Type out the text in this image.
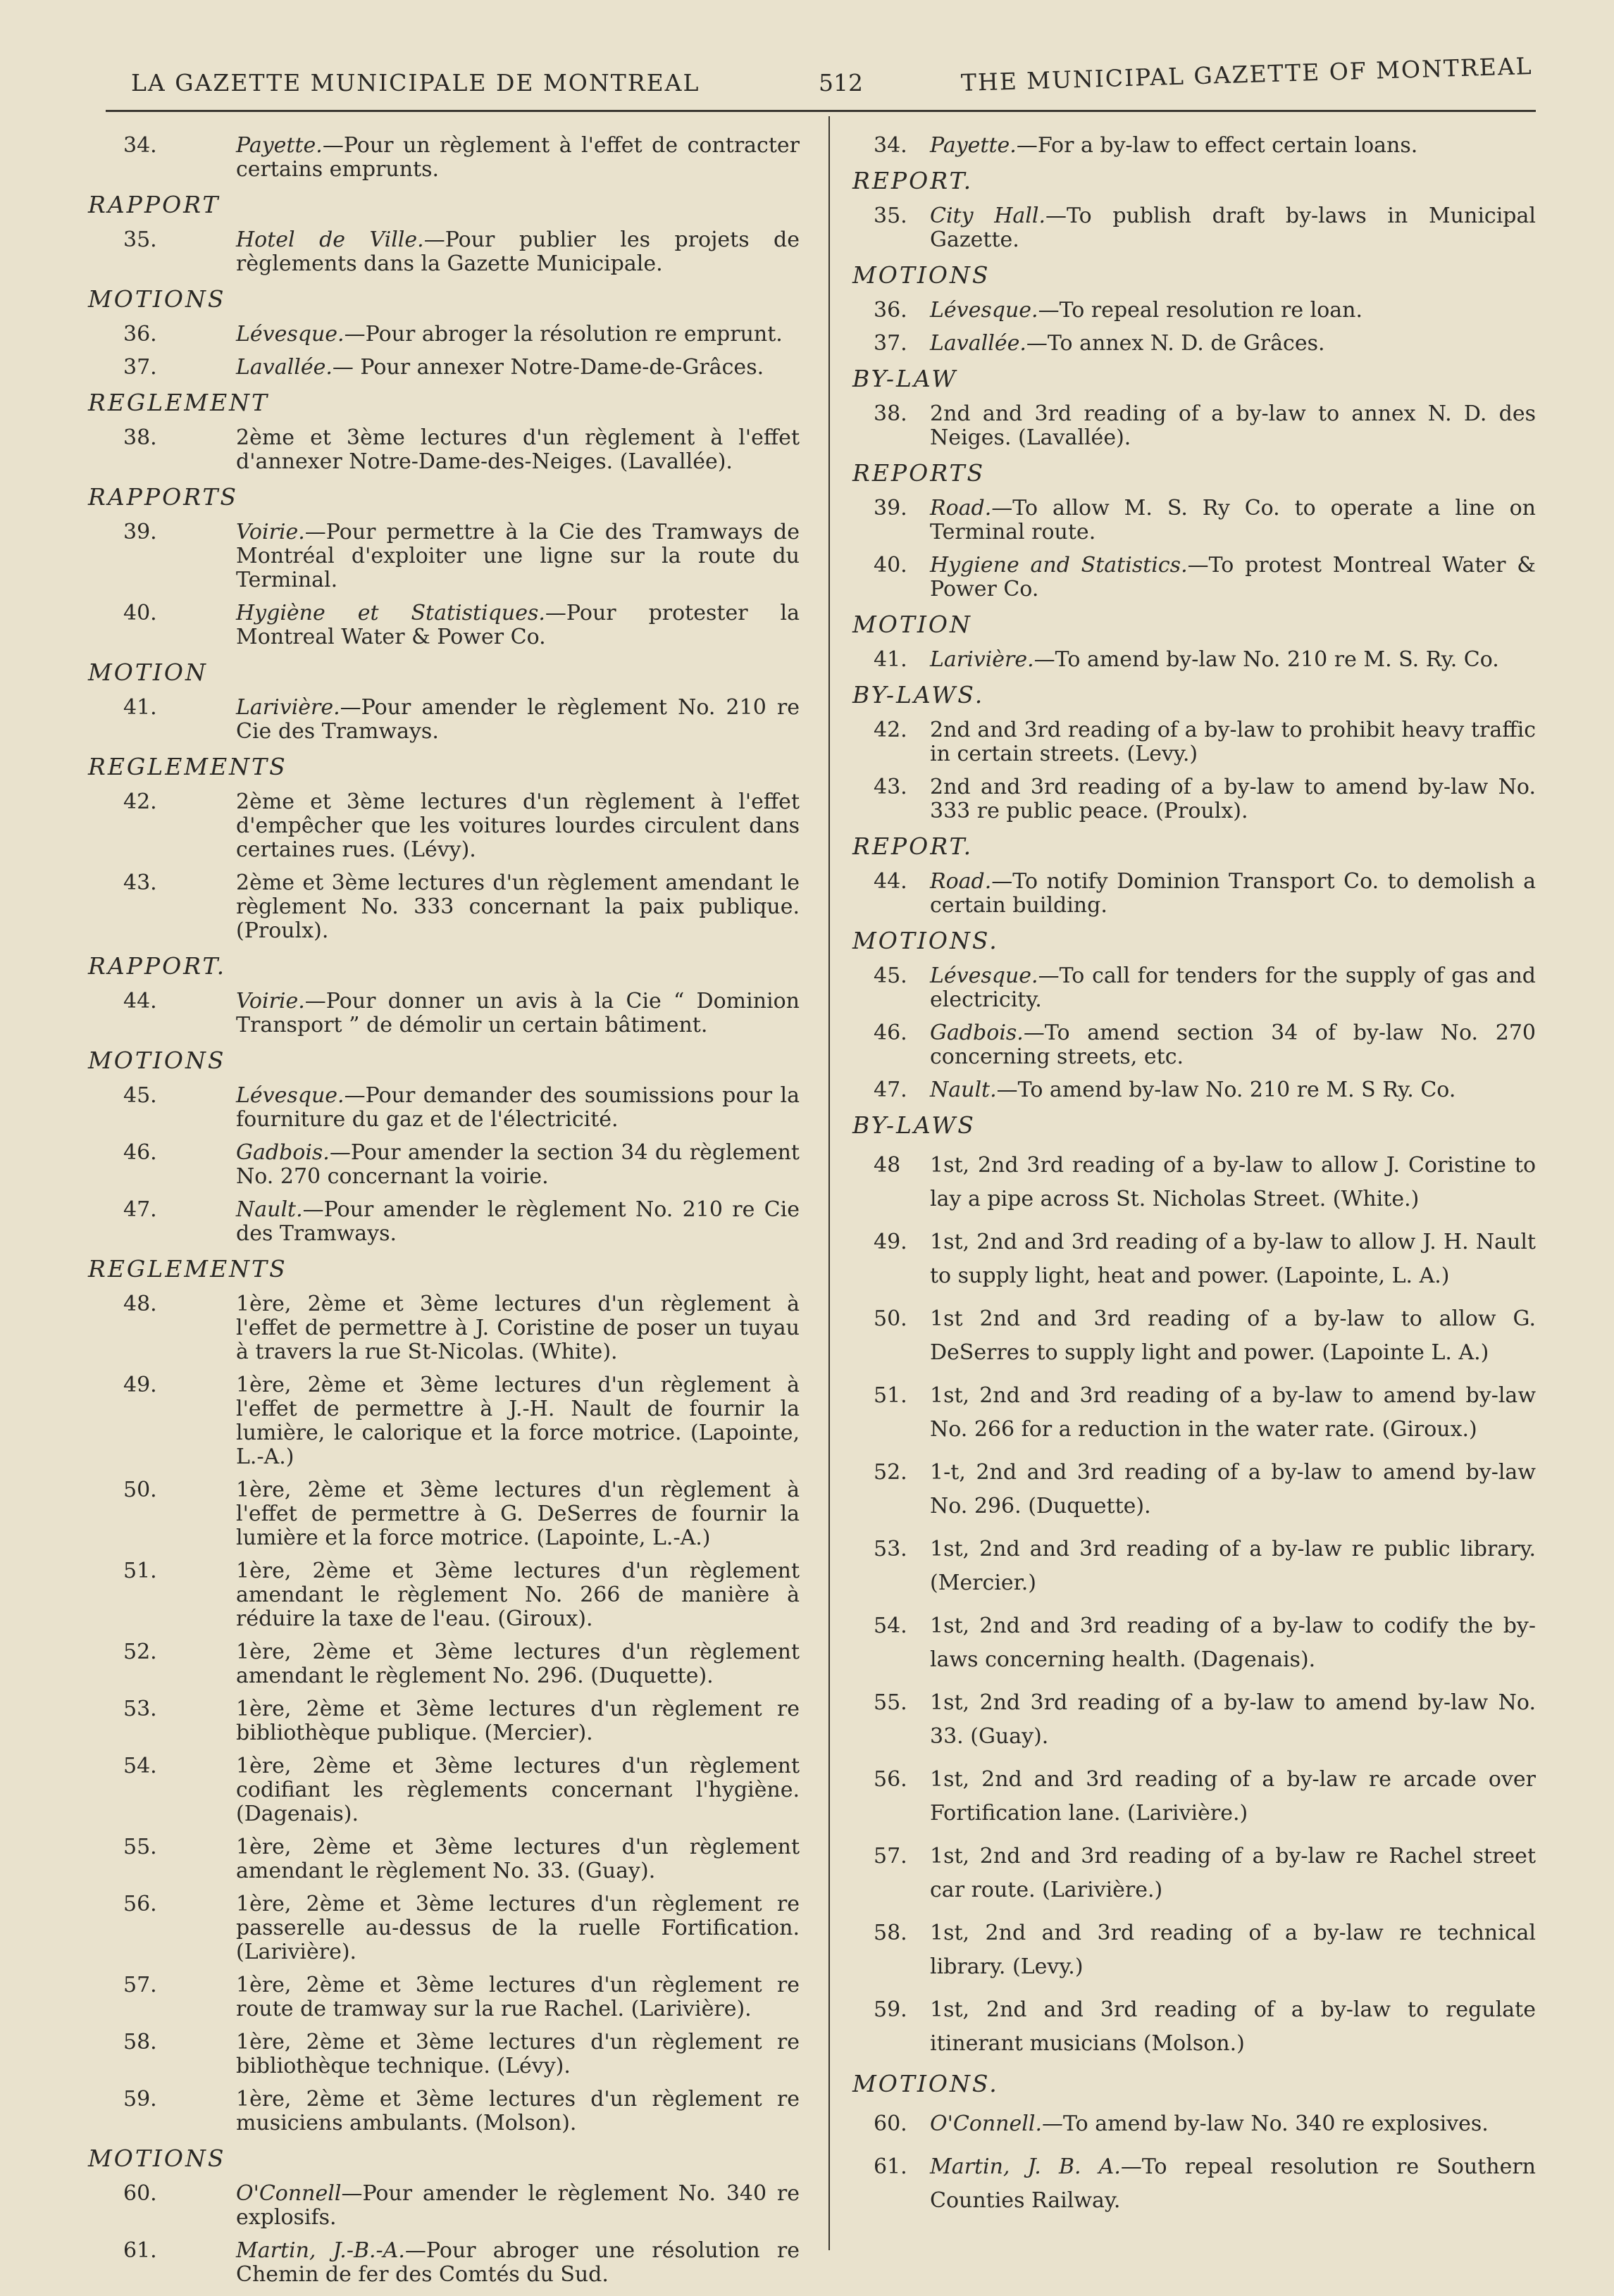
LA GAZETTE MUNICIPALE DE MONTREAL	512	THE MUNICIPAL GAZETTE OF MONTREAL
34.	Payette.—Pour un règlement à l'effet de contracter certains emprunts.
RAPPORT
35.	Hotel de Ville.—Pour publier les projets de règlements dans la Gazette Municipale.
MOTIONS
36.	Lévesque.—Pour abroger la résolution re emprunt.
37.	Lavallée.— Pour annexer Notre-Dame-de-Grâces.
REGLEMENT
38.	2ème et 3ème lectures d'un règlement à l'effet d'annexer Notre-Dame-des-Neiges. (Lavallée).
RAPPORTS
39.	Voirie.—Pour permettre à la Cie des Tramways de Montréal d'exploiter une ligne sur la route du Terminal.
40.	Hygiène et Statistiques.—Pour protester la Montreal Water & Power Co.
MOTION
41.	Larivière.—Pour amender le règlement No. 210 re Cie des Tramways.
REGLEMENTS
42.	2ème et 3ème lectures d'un règlement à l'effet d'empêcher que les voitures lourdes circulent dans certaines rues. (Lévy).
43.	2ème et 3ème lectures d'un règlement amendant le règlement No. 333 concernant la paix publique. (Proulx).
RAPPORT.
44.	Voirie.—Pour donner un avis à la Cie “ Dominion Transport ” de démolir un certain bâtiment.
MOTIONS
45.	Lévesque.—Pour demander des soumissions pour la fourniture du gaz et de l'électricité.
46.	Gadbois.—Pour amender la section 34 du règlement No. 270 concernant la voirie.
47.	Nault.—Pour amender le règlement No. 210 re Cie des Tramways.
REGLEMENTS
48.	1ère, 2ème et 3ème lectures d'un règlement à l'effet de permettre à J. Coristine de poser un tuyau à travers la rue St-Nicolas. (White).
49.	1ère, 2ème et 3ème lectures d'un règlement à l'effet de permettre à J.-H. Nault de fournir la lumière, le calorique et la force motrice. (Lapointe, L.-A.)
50.	1ère, 2ème et 3ème lectures d'un règlement à l'effet de permettre à G. DeSerres de fournir la lumière et la force motrice. (Lapointe, L.-A.)
51.	1ère, 2ème et 3ème lectures d'un règlement amendant le règlement No. 266 de manière à réduire la taxe de l'eau. (Giroux).
52.	1ère, 2ème et 3ème lectures d'un règlement amendant le règlement No. 296. (Duquette).
53.	1ère, 2ème et 3ème lectures d'un règlement re bibliothèque publique. (Mercier).
54.	1ère, 2ème et 3ème lectures d'un règlement codifiant les règlements concernant l'hygiène. (Dagenais).
55.	1ère, 2ème et 3ème lectures d'un règlement amendant le règlement No. 33. (Guay).
56.	1ère, 2ème et 3ème lectures d'un règlement re passerelle au-dessus de la ruelle Fortification. (Larivière).
57.	1ère, 2ème et 3ème lectures d'un règlement re route de tramway sur la rue Rachel. (Larivière).
58.	1ère, 2ème et 3ème lectures d'un règlement re bibliothèque technique. (Lévy).
59.	1ère, 2ème et 3ème lectures d'un règlement re musiciens ambulants. (Molson).
MOTIONS
60.	O'Connell—Pour amender le règlement No. 340 re explosifs.
61.	Martin, J.-B.-A.—Pour abroger une résolution re Chemin de fer des Comtés du Sud.
34. Payette.—For a by-law to effect certain loans.
REPORT.
35. City Hall.—To publish draft by-laws in Municipal Gazette.
MOTIONS
36. Lévesque.—To repeal resolution re loan.
37. Lavallée.—To annex N. D. de Grâces.
BY-LAW
38. 2nd and 3rd reading of a by-law to annex N. D. des Neiges. (Lavallée).
REPORTS
39. Road.—To allow M. S. Ry Co. to operate a line on Terminal route.
40. Hygiene and Statistics.—To protest Montreal Water & Power Co.
MOTION
41. Larivière.—To amend by-law No. 210 re M. S. Ry. Co.
BY-LAWS.
42. 2nd and 3rd reading of a by-law to prohibit heavy traffic in certain streets. (Levy.)
43. 2nd and 3rd reading of a by-law to amend by-law No. 333 re public peace. (Proulx).
REPORT.
44. Road.—To notify Dominion Transport Co. to demolish a certain building.
MOTIONS.
45. Lévesque.—To call for tenders for the supply of gas and electricity.
46. Gadbois.—To amend section 34 of by-law No. 270 concerning streets, etc.
47. Nault.—To amend by-law No. 210 re M. S Ry. Co.
BY-LAWS
48 1st, 2nd 3rd reading of a by-law to allow J. Coristine to lay a pipe across St. Nicholas Street. (White.)
49. 1st, 2nd and 3rd reading of a by-law to allow J. H. Nault to supply light, heat and power. (Lapointe, L. A.)
50. 1st 2nd and 3rd reading of a by-law to allow G. DeSerres to supply light and power. (Lapointe L. A.)
51. 1st, 2nd and 3rd reading of a by-law to amend by-law No. 266 for a reduction in the water rate. (Giroux.)
52. 1-t, 2nd and 3rd reading of a by-law to amend by-law No. 296. (Duquette).
53. 1st, 2nd and 3rd reading of a by-law re public library. (Mercier.)
54. 1st, 2nd and 3rd reading of a by-law to codify the by-laws concerning health. (Dagenais).
55. 1st, 2nd 3rd reading of a by-law to amend by-law No. 33. (Guay).
56. 1st, 2nd and 3rd reading of a by-law re arcade over Fortification lane. (Larivière.)
57. 1st, 2nd and 3rd reading of a by-law re Rachel street car route. (Larivière.)
58. 1st, 2nd and 3rd reading of a by-law re technical library. (Levy.)
59. 1st, 2nd and 3rd reading of a by-law to regulate itinerant musicians (Molson.)
MOTIONS.
60. O'Connell.—To amend by-law No. 340 re explosives.
61. Martin, J. B. A.—To repeal resolution re Southern Counties Railway.
